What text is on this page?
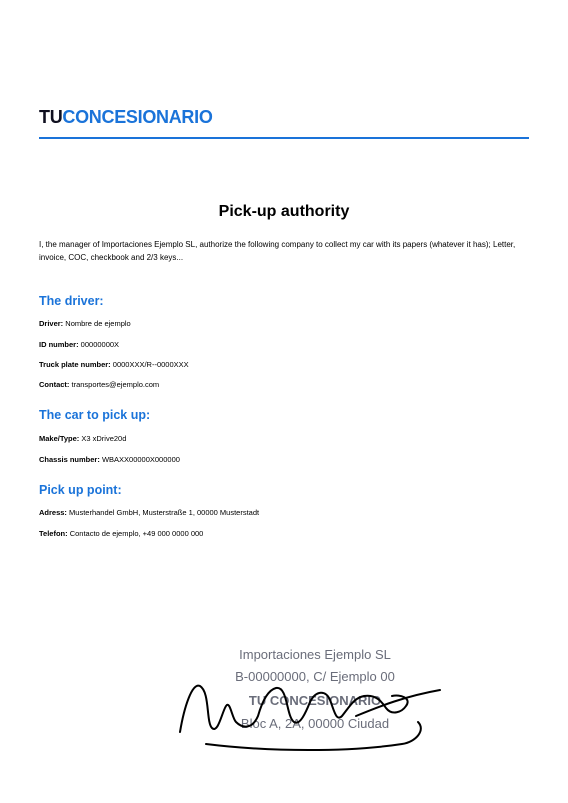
TUCONCESIONARIO
Pick-up authority
I, the manager of Importaciones Ejemplo SL, authorize the following company to collect my car with its papers (whatever it has); Letter, invoice, COC, checkbook and 2/3 keys...
The driver:
Driver: Nombre de ejemplo
ID number: 00000000X
Truck plate number: 0000XXX/R--0000XXX
Contact: transportes@ejemplo.com
The car to pick up:
Make/Type: X3 xDrive20d
Chassis number: WBAXX00000X000000
Pick up point:
Adress: Musterhandel GmbH, Musterstraße 1, 00000 Musterstadt
Telefon: Contacto de ejemplo, +49 000 0000 000
Importaciones Ejemplo SL
B-00000000, C/ Ejemplo 00
TU CONCESIONARIO
Bloc A, 2A, 00000 Ciudad
